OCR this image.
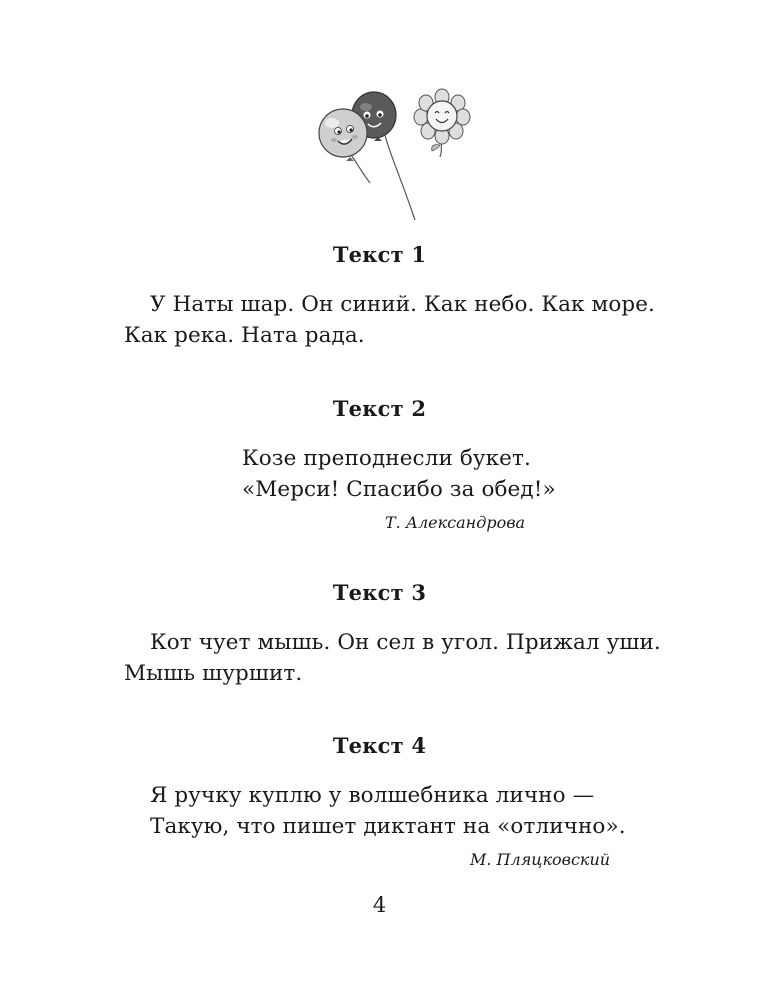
Текст 1
У Наты шар. Он синий. Как небо. Как море.
Как река. Ната рада.
Текст 2
Козе преподнесли букет.
«Мерси! Спасибо за обед!»
Т. Александрова
Текст 3
Кот чует мышь. Он сел в угол. Прижал уши.
Мышь шуршит.
Текст 4
Я ручку куплю у волшебника лично —
Такую, что пишет диктант на «отлично».
М. Пляцковский
4
